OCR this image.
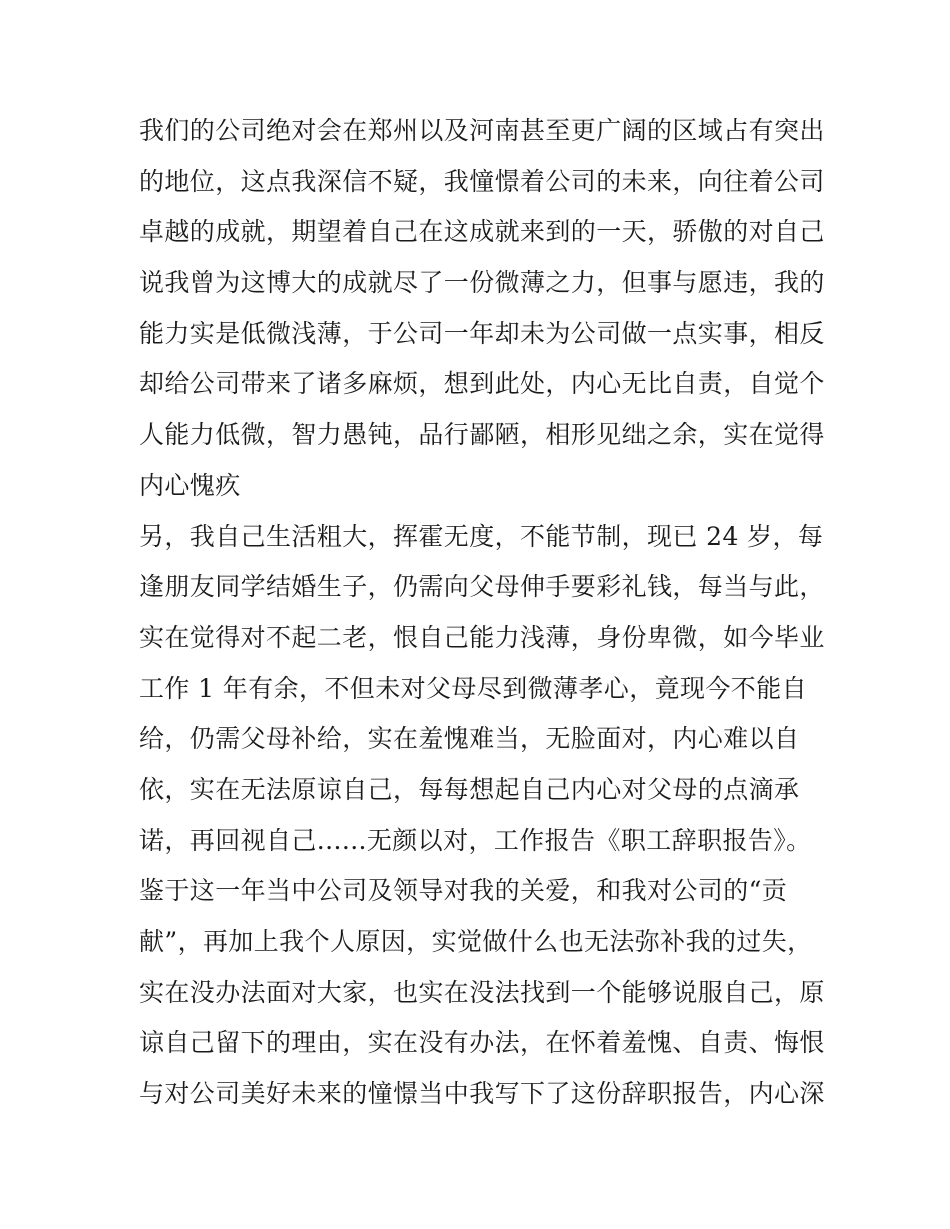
我们的公司绝对会在郑州以及河南甚至更广阔的区域占有突出
的地位，这点我深信不疑，我憧憬着公司的未来，向往着公司
卓越的成就，期望着自己在这成就来到的一天，骄傲的对自己
说我曾为这博大的成就尽了一份微薄之力，但事与愿违，我的
能力实是低微浅薄，于公司一年却未为公司做一点实事，相反
却给公司带来了诸多麻烦，想到此处，内心无比自责，自觉个
人能力低微，智力愚钝，品行鄙陋，相形见绌之余，实在觉得
内心愧疚
另，我自己生活粗大，挥霍无度，不能节制，现已 24 岁，每
逢朋友同学结婚生子，仍需向父母伸手要彩礼钱，每当与此，
实在觉得对不起二老，恨自己能力浅薄，身份卑微，如今毕业
工作 1 年有余，不但未对父母尽到微薄孝心，竟现今不能自
给，仍需父母补给，实在羞愧难当，无脸面对，内心难以自
依，实在无法原谅自己，每每想起自己内心对父母的点滴承
诺，再回视自己......无颜以对，工作报告《职工辞职报告》。
鉴于这一年当中公司及领导对我的关爱，和我对公司的“贡
献”，再加上我个人原因，实觉做什么也无法弥补我的过失，
实在没办法面对大家，也实在没法找到一个能够说服自己，原
谅自己留下的理由，实在没有办法，在怀着羞愧、自责、悔恨
与对公司美好未来的憧憬当中我写下了这份辞职报告，内心深
